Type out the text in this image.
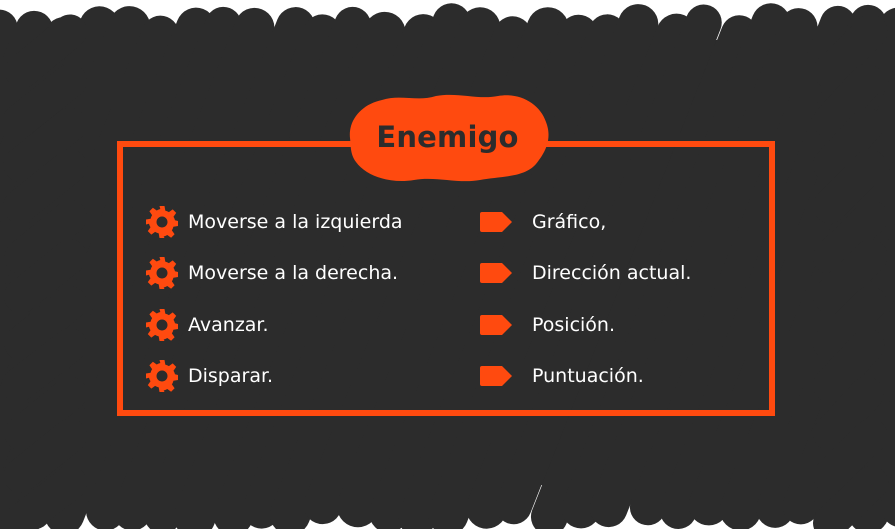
Enemigo
Moverse a la izquierda
Moverse a la derecha.
Avanzar.
Disparar.
Gráfico,
Dirección actual.
Posición.
Puntuación.
